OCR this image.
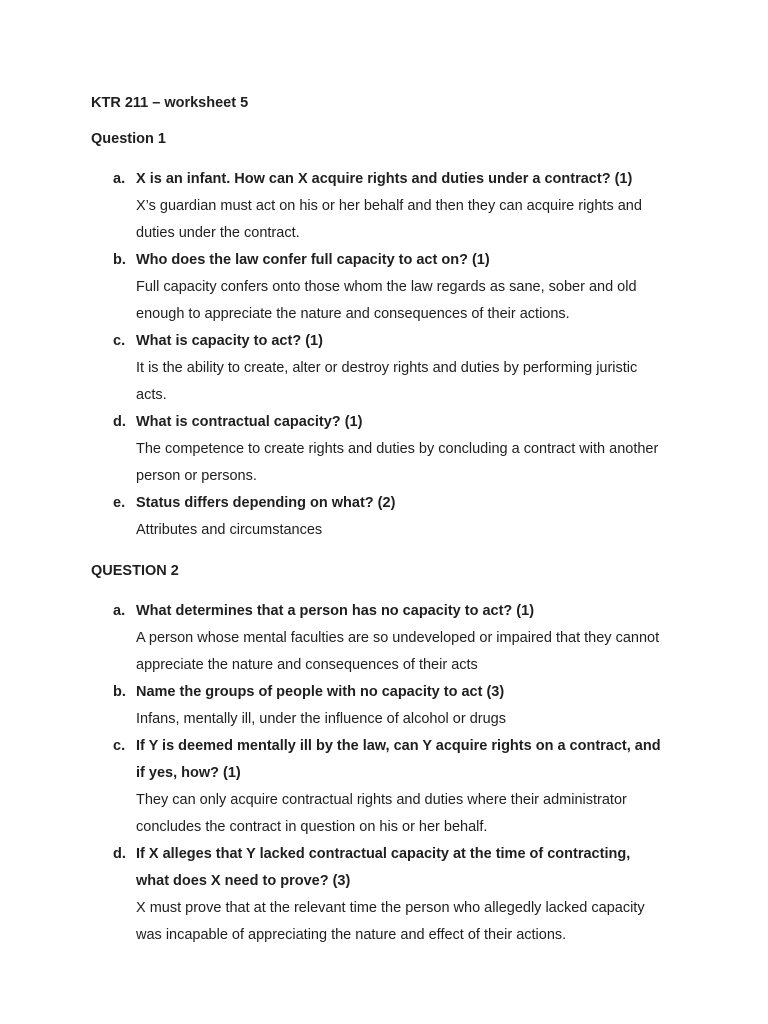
KTR 211 – worksheet 5

Question 1

a. X is an infant. How can X acquire rights and duties under a contract? (1)

X’s guardian must act on his or her behalf and then they can acquire rights and duties under the contract.

b. Who does the law confer full capacity to act on? (1)

Full capacity confers onto those whom the law regards as sane, sober and old enough to appreciate the nature and consequences of their actions.

c. What is capacity to act? (1)

It is the ability to create, alter or destroy rights and duties by performing juristic acts.

d. What is contractual capacity? (1)

The competence to create rights and duties by concluding a contract with another person or persons.

e. Status differs depending on what? (2)

Attributes and circumstances

QUESTION 2

a. What determines that a person has no capacity to act? (1)

A person whose mental faculties are so undeveloped or impaired that they cannot appreciate the nature and consequences of their acts

b. Name the groups of people with no capacity to act (3)

Infans, mentally ill, under the influence of alcohol or drugs

c. If Y is deemed mentally ill by the law, can Y acquire rights on a contract, and if yes, how? (1)

They can only acquire contractual rights and duties where their administrator concludes the contract in question on his or her behalf.

d. If X alleges that Y lacked contractual capacity at the time of contracting, what does X need to prove? (3)

X must prove that at the relevant time the person who allegedly lacked capacity was incapable of appreciating the nature and effect of their actions.
